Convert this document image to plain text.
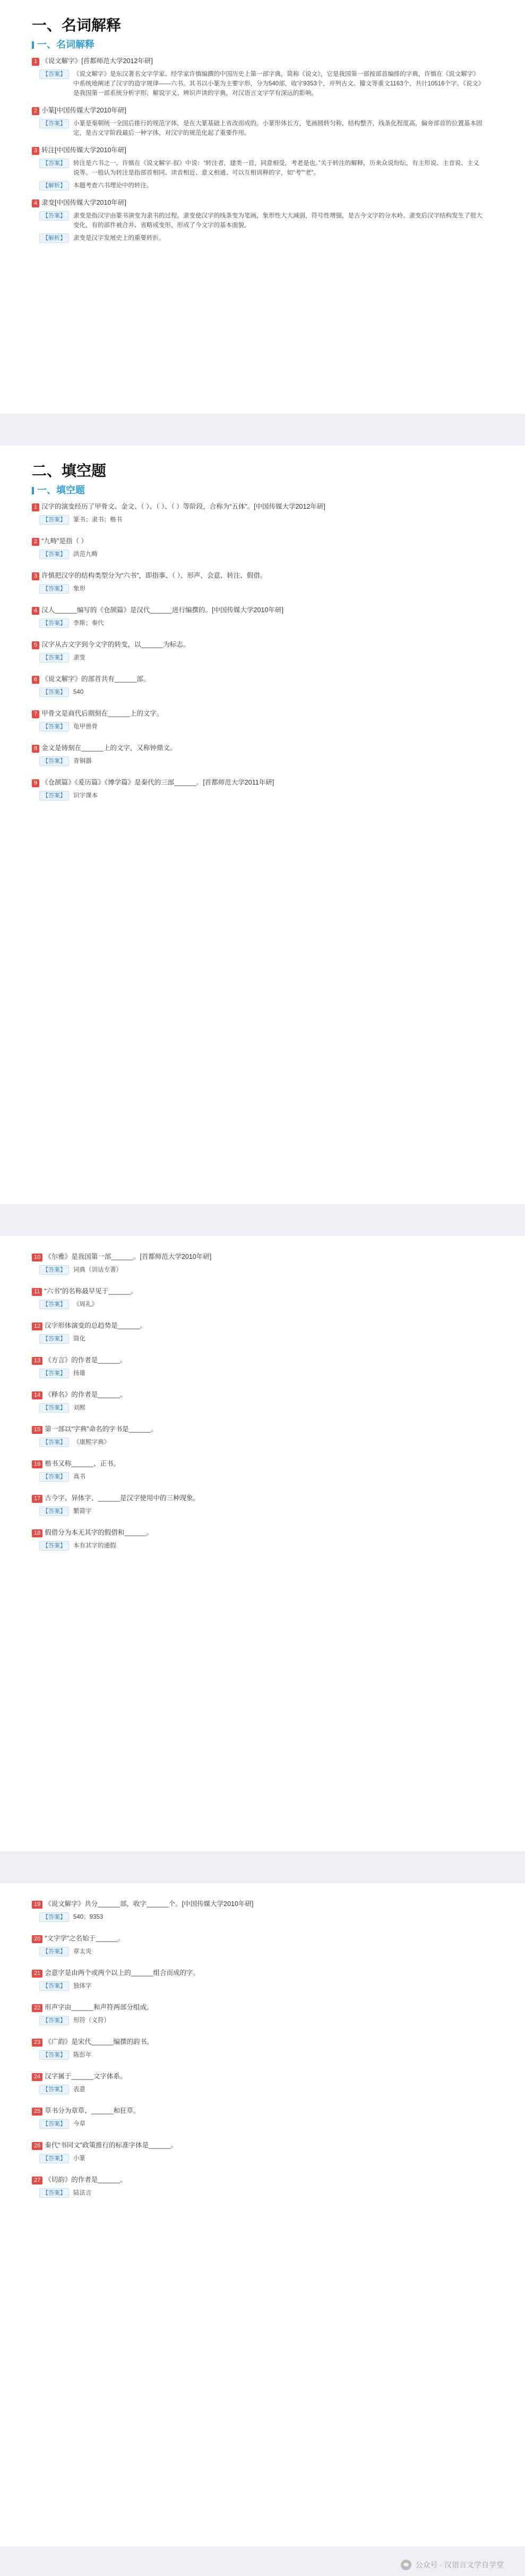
一、名词解释
一、名词解释
1 《说文解字》[首都师范大学2012年研]
【答案】	《说文解字》是东汉著名文字学家、经学家许慎编撰的中国历史上第一部字典，简称《说文》，它是我国第一部按部首编排的字典，许慎在《说文解字》中系统地阐述了汉字的造字规律——六书。其书以小篆为主要字形，分为540部，收字9353个，并列古文、籀文等重文1163个，共计10516个字。《说文》是我国第一部系统分析字形、解说字义、辨识声读的字典，对汉语言文字学有深远的影响。
2 小篆[中国传媒大学2010年研]
【答案】	小篆是秦朝统一全国后推行的规范字体，是在大篆基础上省改而成的。小篆形体长方，笔画圆转匀称，结构整齐，线条化程度高，偏旁部首的位置基本固定，是古文字阶段最后一种字体，对汉字的规范化起了重要作用。
3 转注[中国传媒大学2010年研]
【答案】	转注是六书之一。许慎在《说文解字·叙》中说：“转注者，建类一首，同意相受，考老是也。”关于转注的解释，历来众说纷纭，有主形说、主音说、主义说等。一般认为转注是指部首相同、读音相近、意义相通、可以互相训释的字，如“考”“老”。
【解析】	本题考查六书理论中的转注。
4 隶变[中国传媒大学2010年研]
【答案】	隶变是指汉字由篆书演变为隶书的过程。隶变使汉字的线条变为笔画，象形性大大减弱，符号性增强，是古今文字的分水岭。隶变后汉字结构发生了很大变化，有的部件被合并、省略或变形，形成了今文字的基本面貌。
【解析】	隶变是汉字发展史上的重要转折。
二、填空题
一、填空题
1 汉字的演变经历了甲骨文、金文、（ ）、（ ）、（ ）等阶段，合称为“五体”。[中国传媒大学2012年研]
【答案】	篆书；隶书；楷书
2 “九畴”是指（ ）
【答案】	洪范九畴
3 许慎把汉字的结构类型分为“六书”，即指事、（ ）、形声、会意、转注、假借。
【答案】	象形
4 汉人______编写的《仓颉篇》是汉代______进行编撰的。[中国传媒大学2010年研]
【答案】	李斯；秦代
5 汉字从古文字到今文字的转变，以______为标志。
【答案】	隶变
6 《说文解字》的部首共有______部。
【答案】	540
7 甲骨文是商代后期刻在______上的文字。
【答案】	龟甲兽骨
8 金文是铸刻在______上的文字，又称钟鼎文。
【答案】	青铜器
9 《仓颉篇》《爰历篇》《博学篇》是秦代的三部______。[首都师范大学2011年研]
【答案】	识字课本
10 《尔雅》是我国第一部______。[首都师范大学2010年研]
【答案】	词典（训诂专著）
11 “六书”的名称最早见于______。
【答案】	《周礼》
12 汉字形体演变的总趋势是______。
【答案】	简化
13 《方言》的作者是______。
【答案】	扬雄
14 《释名》的作者是______。
【答案】	刘熙
15 第一部以“字典”命名的字书是______。
【答案】	《康熙字典》
16 楷书又称______、正书。
【答案】	真书
17 古今字、异体字、______是汉字使用中的三种现象。
【答案】	繁简字
18 假借分为本无其字的假借和______。
【答案】	本有其字的通假
19 《说文解字》共分______部，收字______个。[中国传媒大学2010年研]
【答案】	540；9353
20 “文字学”之名始于______。
【答案】	章太炎
21 会意字是由两个或两个以上的______组合而成的字。
【答案】	独体字
22 形声字由______和声符两部分组成。
【答案】	形符（义符）
23 《广韵》是宋代______编撰的韵书。
【答案】	陈彭年
24 汉字属于______文字体系。
【答案】	表意
25 草书分为章草、______和狂草。
【答案】	今草
26 秦代“书同文”政策推行的标准字体是______。
【答案】	小篆
27 《切韵》的作者是______。
【答案】	陆法言
公众号 · 汉语言文学自学堂
